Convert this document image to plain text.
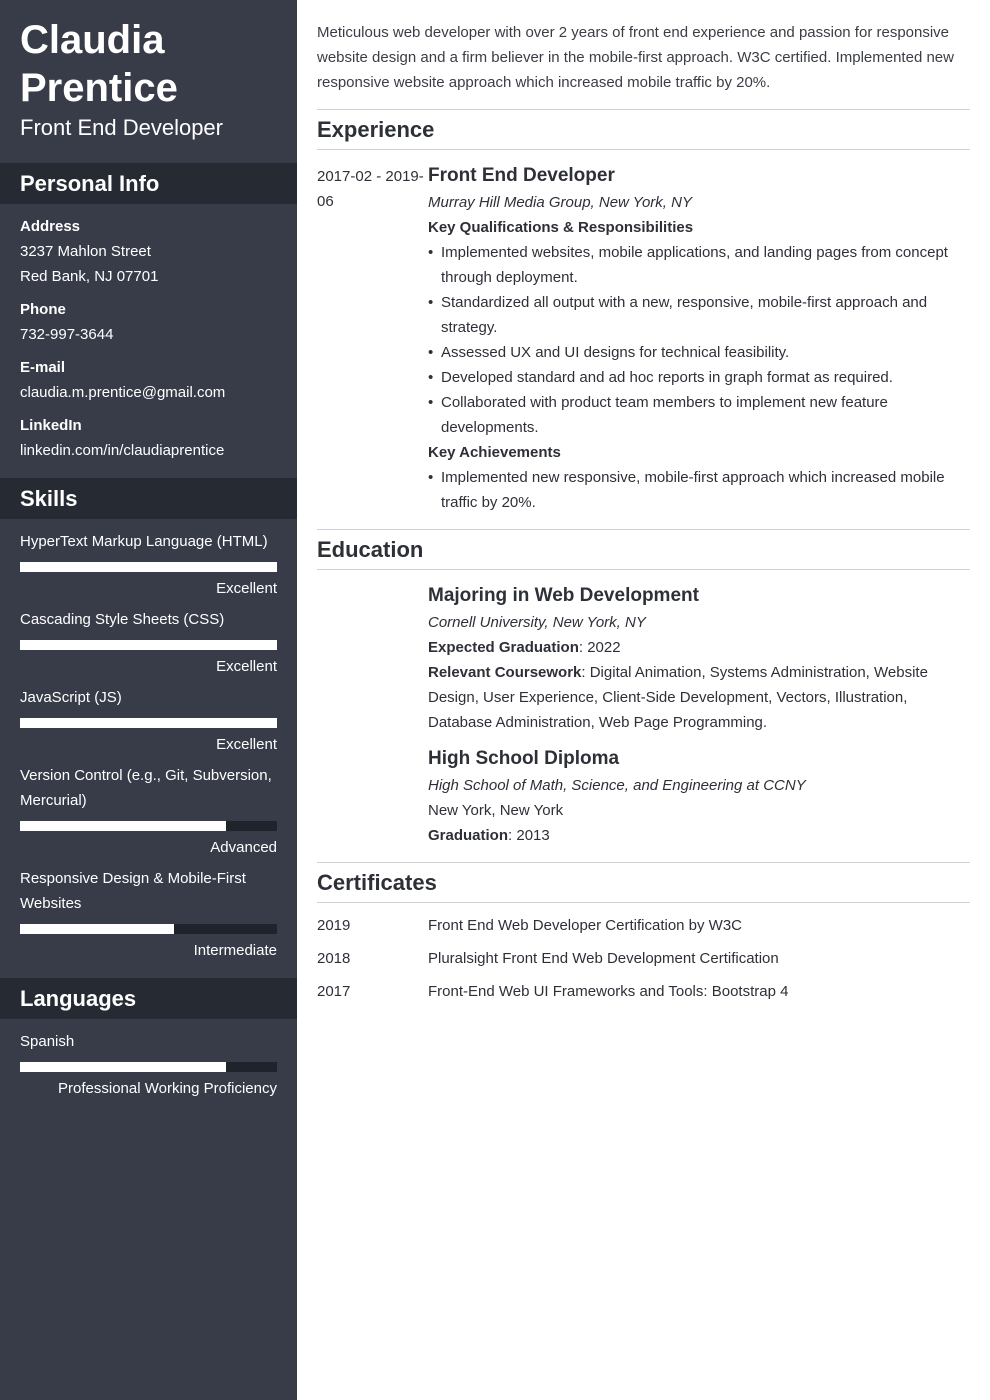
Claudia
Prentice
Front End Developer
Personal Info
Address
3237 Mahlon Street
Red Bank, NJ 07701
Phone
732-997-3644
E-mail
claudia.m.prentice@gmail.com
LinkedIn
linkedin.com/in/claudiaprentice
Skills
HyperText Markup Language (HTML)
Excellent
Cascading Style Sheets (CSS)
Excellent
JavaScript (JS)
Excellent
Version Control (e.g., Git, Subversion, Mercurial)
Advanced
Responsive Design & Mobile-First Websites
Intermediate
Languages
Spanish
Professional Working Proficiency
Meticulous web developer with over 2 years of front end experience and passion for responsive website design and a firm believer in the mobile-first approach. W3C certified. Implemented new responsive website approach which increased mobile traffic by 20%.
Experience
2017-02 - 2019-06
Front End Developer
Murray Hill Media Group, New York, NY
Key Qualifications & Responsibilities
• Implemented websites, mobile applications, and landing pages from concept through deployment.
• Standardized all output with a new, responsive, mobile-first approach and strategy.
• Assessed UX and UI designs for technical feasibility.
• Developed standard and ad hoc reports in graph format as required.
• Collaborated with product team members to implement new feature developments.
Key Achievements
• Implemented new responsive, mobile-first approach which increased mobile traffic by 20%.
Education
Majoring in Web Development
Cornell University, New York, NY
Expected Graduation: 2022
Relevant Coursework: Digital Animation, Systems Administration, Website Design, User Experience, Client-Side Development, Vectors, Illustration, Database Administration, Web Page Programming.
High School Diploma
High School of Math, Science, and Engineering at CCNY
New York, New York
Graduation: 2013
Certificates
2019	Front End Web Developer Certification by W3C
2018	Pluralsight Front End Web Development Certification
2017	Front-End Web UI Frameworks and Tools: Bootstrap 4
